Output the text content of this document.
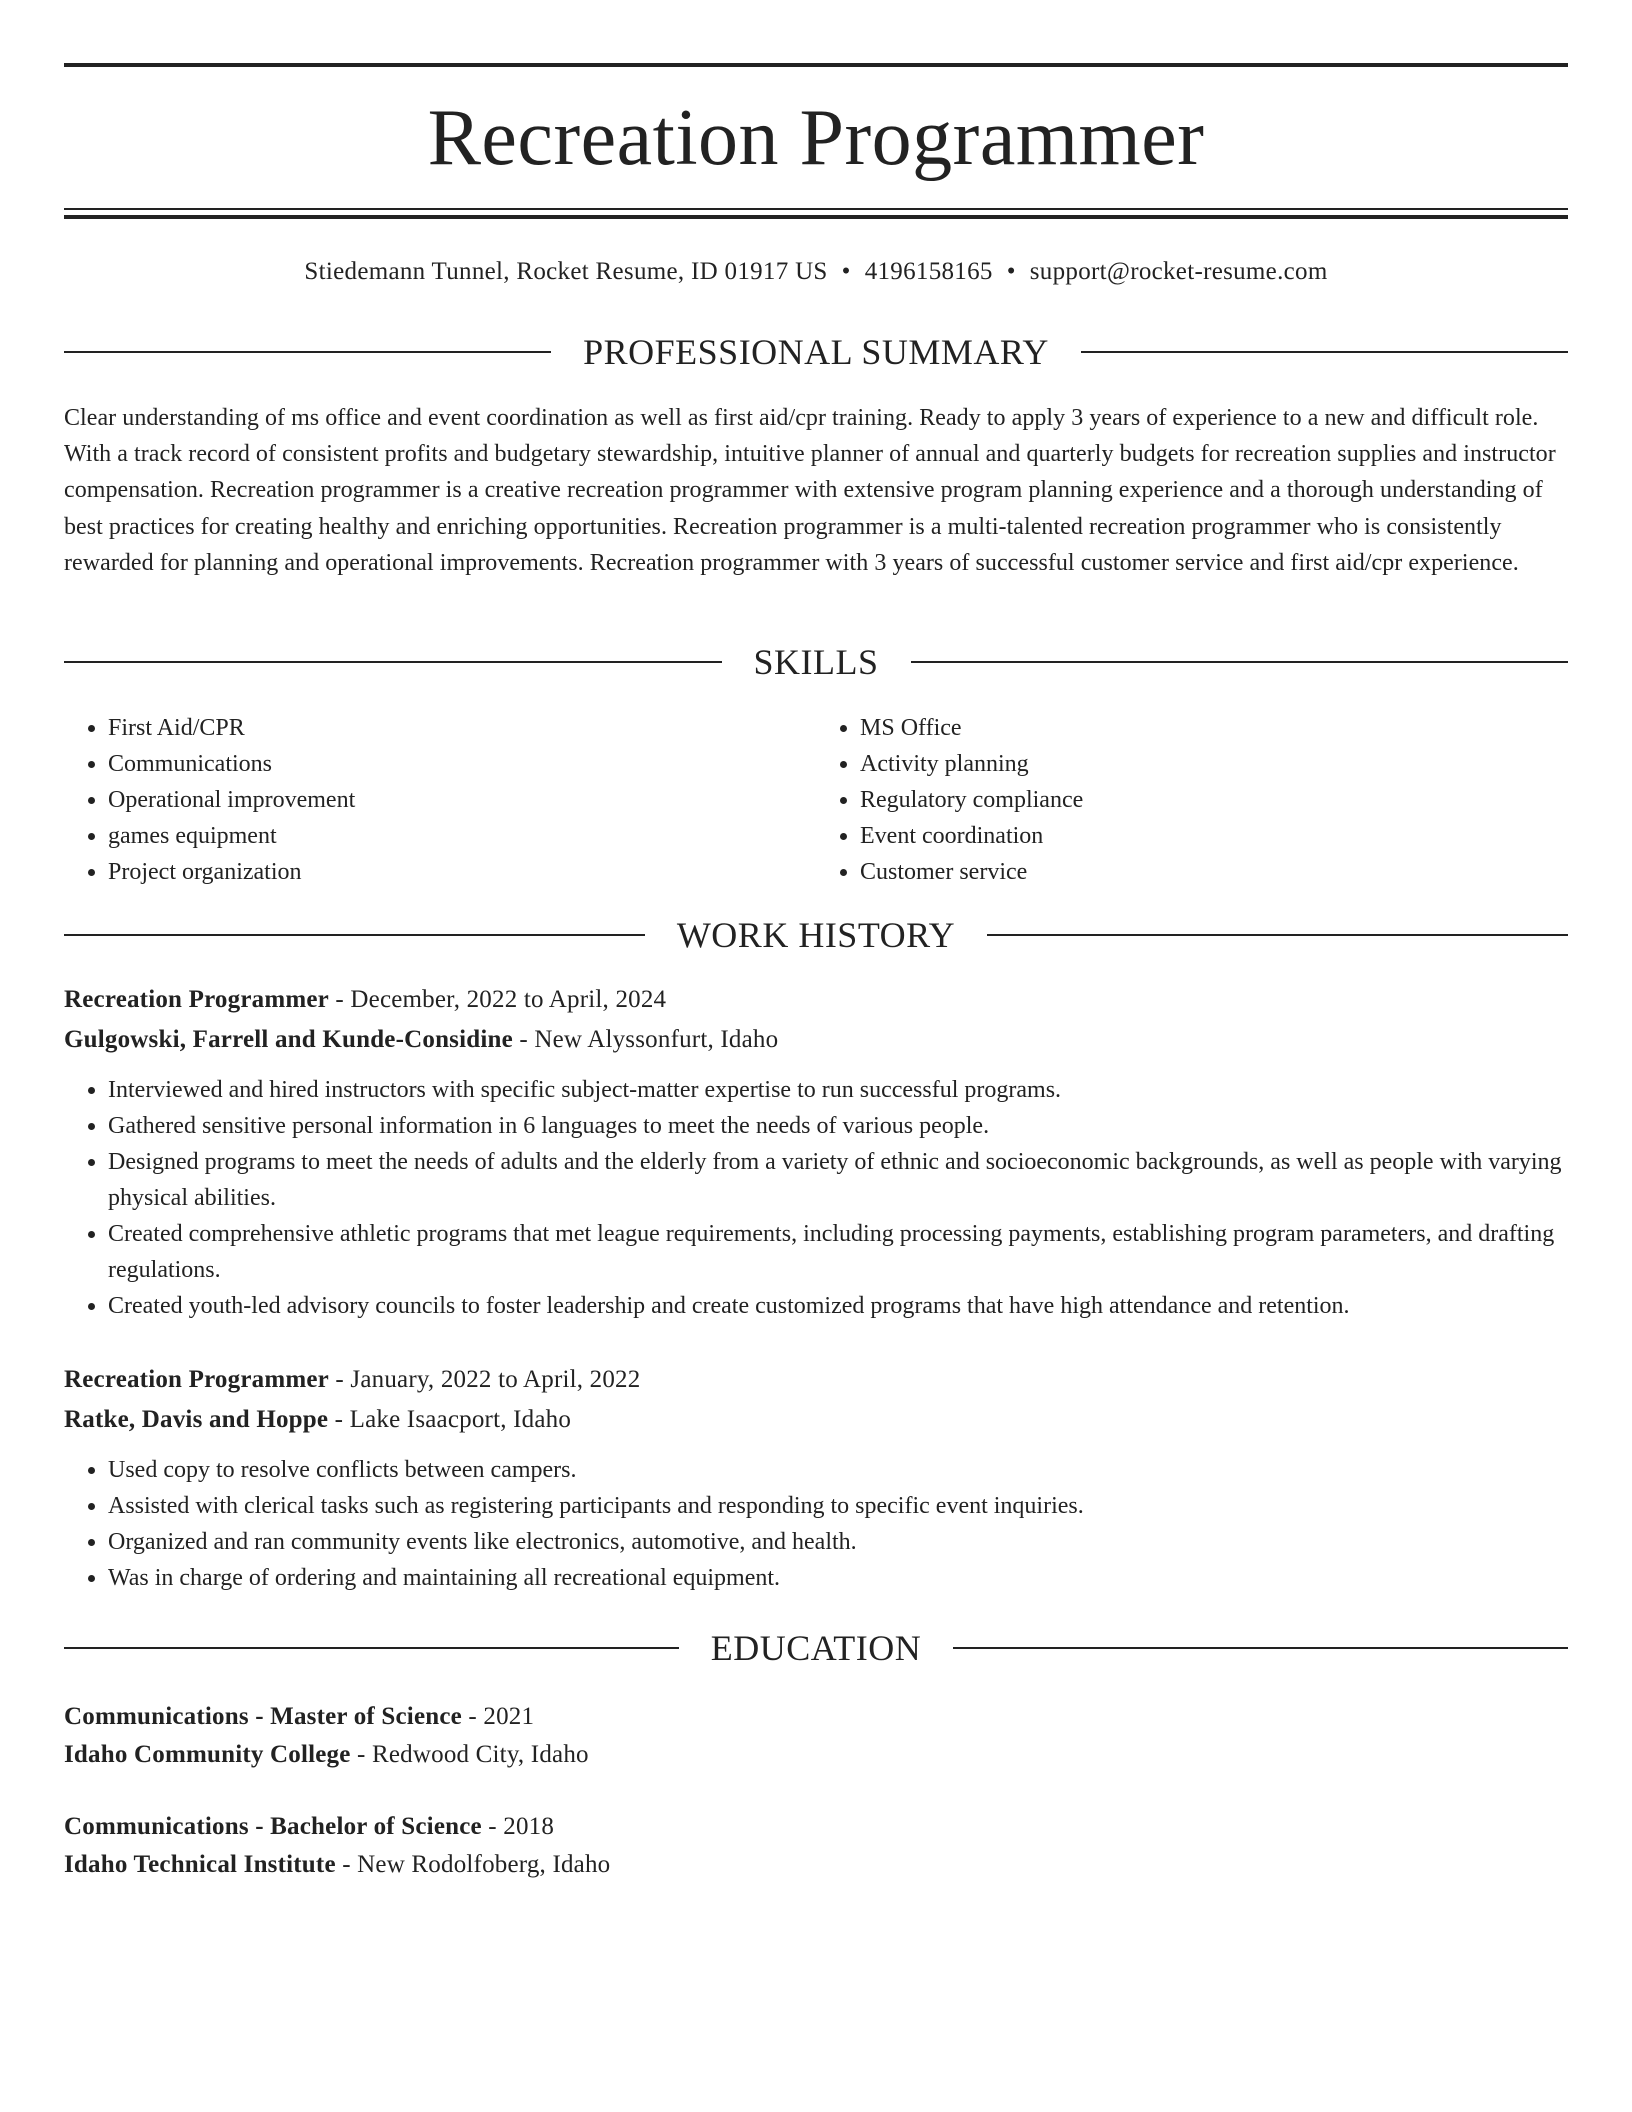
Recreation Programmer
Stiedemann Tunnel, Rocket Resume, ID 01917 US • 4196158165 • support@rocket-resume.com
PROFESSIONAL SUMMARY

Clear understanding of ms office and event coordination as well as first aid/cpr training. Ready to apply 3 years of experience to a new and difficult role. With a track record of consistent profits and budgetary stewardship, intuitive planner of annual and quarterly budgets for recreation supplies and instructor compensation. Recreation programmer is a creative recreation programmer with extensive program planning experience and a thorough understanding of best practices for creating healthy and enriching opportunities. Recreation programmer is a multi-talented recreation programmer who is consistently rewarded for planning and operational improvements. Recreation programmer with 3 years of successful customer service and first aid/cpr experience.

SKILLS
• First Aid/CPR
• Communications
• Operational improvement
• games equipment
• Project organization
• MS Office
• Activity planning
• Regulatory compliance
• Event coordination
• Customer service
WORK HISTORY
Recreation Programmer - December, 2022 to April, 2024
Gulgowski, Farrell and Kunde-Considine - New Alyssonfurt, Idaho
• Interviewed and hired instructors with specific subject-matter expertise to run successful programs.
• Gathered sensitive personal information in 6 languages to meet the needs of various people.
• Designed programs to meet the needs of adults and the elderly from a variety of ethnic and socioeconomic backgrounds, as well as people with varying physical abilities.
• Created comprehensive athletic programs that met league requirements, including processing payments, establishing program parameters, and drafting regulations.
• Created youth-led advisory councils to foster leadership and create customized programs that have high attendance and retention.
Recreation Programmer - January, 2022 to April, 2022
Ratke, Davis and Hoppe - Lake Isaacport, Idaho
• Used copy to resolve conflicts between campers.
• Assisted with clerical tasks such as registering participants and responding to specific event inquiries.
• Organized and ran community events like electronics, automotive, and health.
• Was in charge of ordering and maintaining all recreational equipment.
EDUCATION
Communications - Master of Science - 2021
Idaho Community College - Redwood City, Idaho
Communications - Bachelor of Science - 2018
Idaho Technical Institute - New Rodolfoberg, Idaho
